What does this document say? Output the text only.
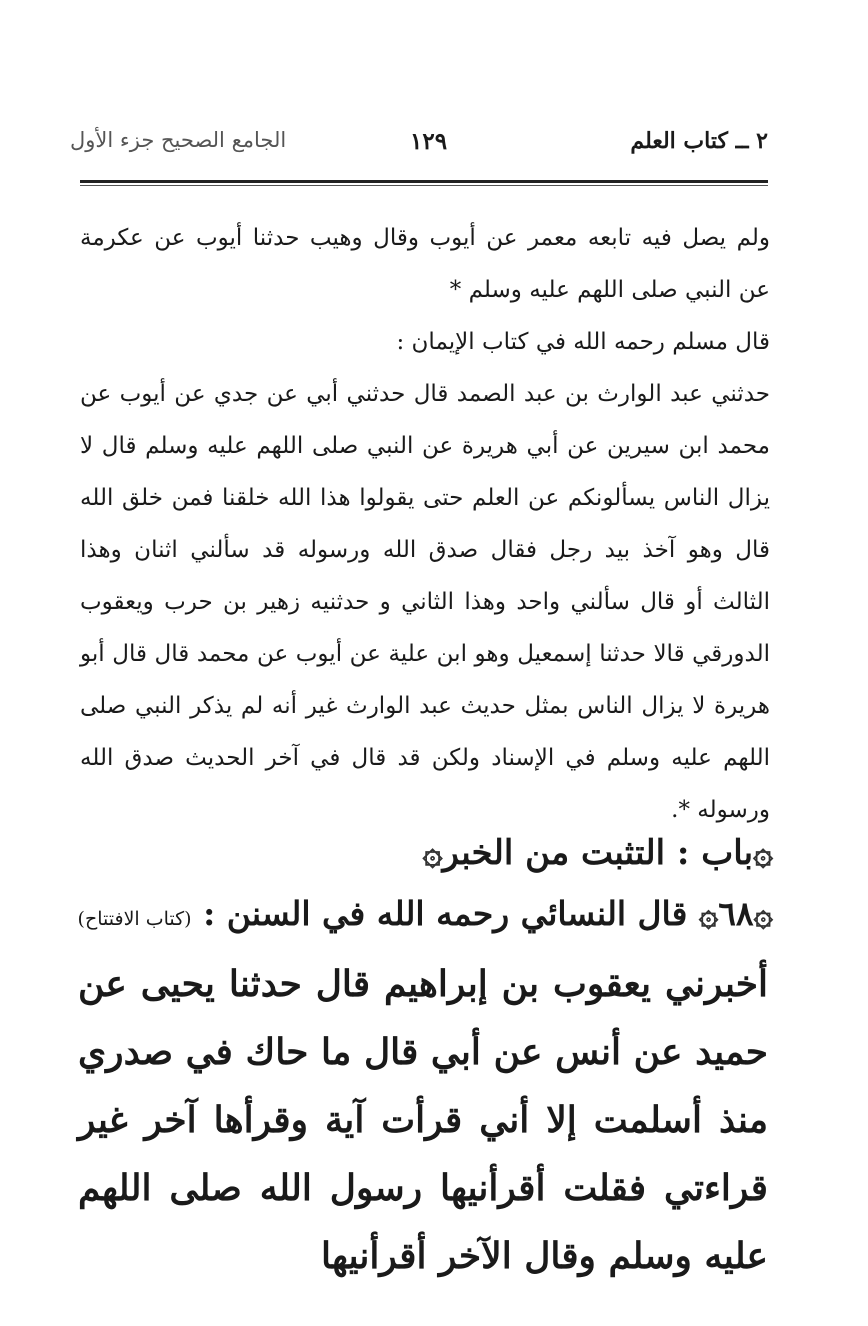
٢ ــ كتاب العلم
١٢٩
الجامع الصحيح جزء الأول

ولم يصل فيه تابعه معمر عن أيوب وقال وهيب حدثنا أيوب عن عكرمة عن النبي صلى اللهم عليه وسلم *

قال مسلم رحمه الله في كتاب الإيمان :

حدثني عبد الوارث بن عبد الصمد قال حدثني أبي عن جدي عن أيوب عن محمد ابن سيرين عن أبي هريرة عن النبي صلى اللهم عليه وسلم قال لا يزال الناس يسألونكم عن العلم حتى يقولوا هذا الله خلقنا فمن خلق الله قال وهو آخذ بيد رجل فقال صدق الله ورسوله قد سألني اثنان وهذا الثالث أو قال سألني واحد وهذا الثاني و حدثنيه زهير بن حرب ويعقوب الدورقي قالا حدثنا إسمعيل وهو ابن علية عن أيوب عن محمد قال قال أبو هريرة لا يزال الناس بمثل حديث عبد الوارث غير أنه لم يذكر النبي صلى اللهم عليه وسلم في الإسناد ولكن قد قال في آخر الحديث صدق الله ورسوله *.

۞باب : التثبت من الخبر۞
۞٦٨۞ قال النسائي رحمه الله في السنن : (كتاب الافتتاح)

أخبرني يعقوب بن إبراهيم قال حدثنا يحيى عن حميد عن أنس عن أبي قال ما حاك في صدري منذ أسلمت إلا أني قرأت آية وقرأها آخر غير قراءتي فقلت أقرأنيها رسول الله صلى اللهم عليه وسلم وقال الآخر أقرأنيها
